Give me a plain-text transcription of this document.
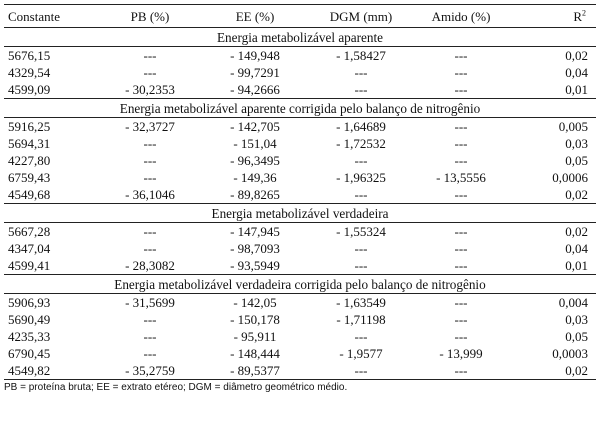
Constante	PB (%)	EE (%)	DGM (mm)	Amido (%)	$R^2$
Energia metabolizável aparente					
5676,15	---	- 149,948	- 1,58427	---	0,02
4329,54	---	- 99,7291	---	---	0,04
4599,09	- 30,2353	- 94,2666	---	---	0,01
Energia metabolizável aparente corrigida pelo balanço de nitrogênio					
5916,25	- 32,3727	- 142,705	- 1,64689	---	0,005
5694,31	---	- 151,04	- 1,72532	---	0,03
4227,80	---	- 96,3495	---	---	0,05
6759,43	---	- 149,36	- 1,96325	- 13,5556	0,0006
4549,68	- 36,1046	- 89,8265	---	---	0,02
Energia metabolizável verdadeira					
5667,28	---	- 147,945	- 1,55324	---	0,02
4347,04	---	- 98,7093	---	---	0,04
4599,41	- 28,3082	- 93,5949	---	---	0,01
Energia metabolizável verdadeira corrigida pelo balanço de nitrogênio					
5906,93	- 31,5699	- 142,05	- 1,63549	---	0,004
5690,49	---	- 150,178	- 1,71198	---	0,03
4235,33	---	- 95,911	---	---	0,05
6790,45	---	- 148,444	- 1,9577	- 13,999	0,0003
4549,82	- 35,2759	- 89,5377	---	---	0,02
PB = proteína bruta; EE = extrato etéreo; DGM = diâmetro geométrico médio.
